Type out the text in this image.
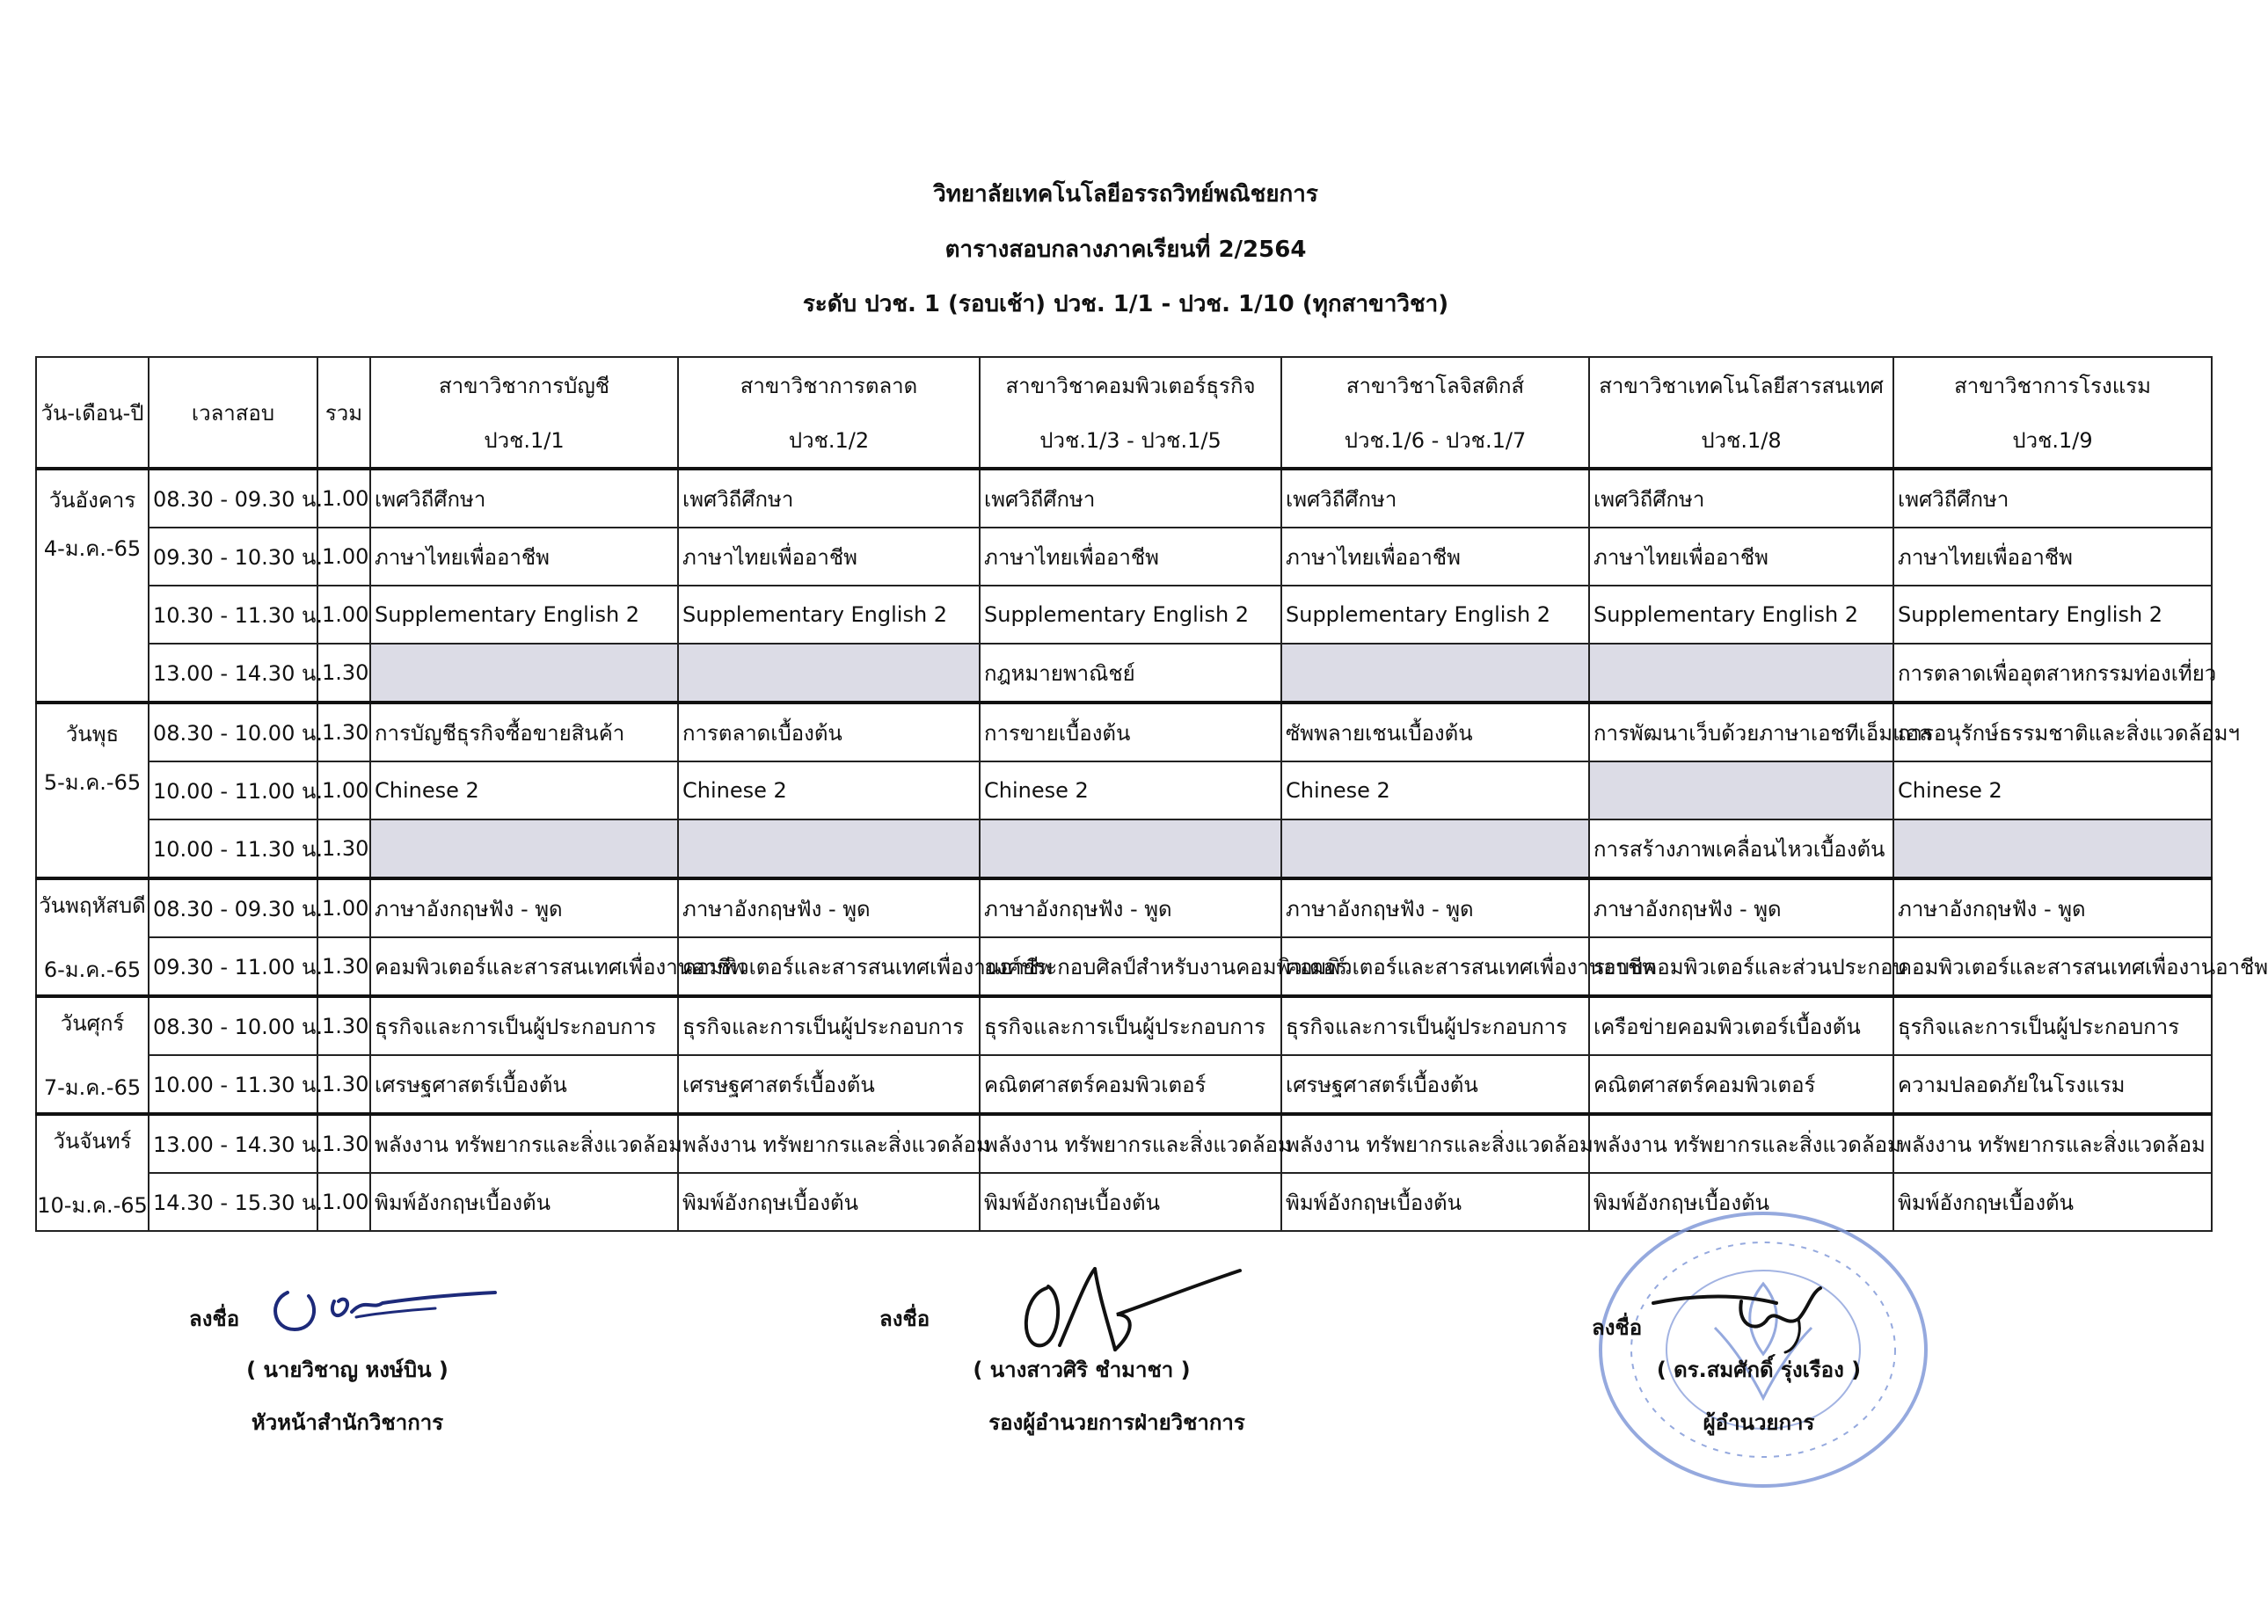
วิทยาลัยเทคโนโลยีอรรถวิทย์พณิชยการ
ตารางสอบกลางภาคเรียนที่ 2/2564
ระดับ ปวช. 1 (รอบเช้า) ปวช. 1/1 - ปวช. 1/10 (ทุกสาขาวิชา)
วัน-เดือน-ปี	เวลาสอบ	รวม	สาขาวิชาการบัญชี	สาขาวิชาการตลาด	สาขาวิชาคอมพิวเตอร์ธุรกิจ	สาขาวิชาโลจิสติกส์	สาขาวิชาเทคโนโลยีสารสนเทศ	สาขาวิชาการโรงแรม
			ปวช.1/1	ปวช.1/2	ปวช.1/3 - ปวช.1/5	ปวช.1/6 - ปวช.1/7	ปวช.1/8	ปวช.1/9

วันอังคาร
4-ม.ค.-65	08.30 - 09.30 น.	1.00	เพศวิถีศึกษา	เพศวิถีศึกษา	เพศวิถีศึกษา	เพศวิถีศึกษา	เพศวิถีศึกษา	เพศวิถีศึกษา
	09.30 - 10.30 น.	1.00	ภาษาไทยเพื่ออาชีพ	ภาษาไทยเพื่ออาชีพ	ภาษาไทยเพื่ออาชีพ	ภาษาไทยเพื่ออาชีพ	ภาษาไทยเพื่ออาชีพ	ภาษาไทยเพื่ออาชีพ
	10.30 - 11.30 น.	1.00	Supplementary English 2	Supplementary English 2	Supplementary English 2	Supplementary English 2	Supplementary English 2	Supplementary English 2
	13.00 - 14.30 น.	1.30			กฎหมายพาณิชย์			การตลาดเพื่ออุตสาหกรรมท่องเที่ยว

วันพุธ
5-ม.ค.-65	08.30 - 10.00 น.	1.30	การบัญชีธุรกิจซื้อขายสินค้า	การตลาดเบื้องต้น	การขายเบื้องต้น	ซัพพลายเชนเบื้องต้น	การพัฒนาเว็บด้วยภาษาเอชทีเอ็มแอล	การอนุรักษ์ธรรมชาติและสิ่งแวดล้อมฯ
	10.00 - 11.00 น.	1.00	Chinese 2	Chinese 2	Chinese 2	Chinese 2		Chinese 2
	10.00 - 11.30 น.	1.30					การสร้างภาพเคลื่อนไหวเบื้องต้น	

วันพฤหัสบดี
6-ม.ค.-65	08.30 - 09.30 น.	1.00	ภาษาอังกฤษฟัง - พูด	ภาษาอังกฤษฟัง - พูด	ภาษาอังกฤษฟัง - พูด	ภาษาอังกฤษฟัง - พูด	ภาษาอังกฤษฟัง - พูด	ภาษาอังกฤษฟัง - พูด
	09.30 - 11.00 น.	1.30	คอมพิวเตอร์และสารสนเทศเพื่องานอาชีพ	คอมพิวเตอร์และสารสนเทศเพื่องานอาชีพ	องค์ประกอบศิลป์สำหรับงานคอมพิวเตอร์	คอมพิวเตอร์และสารสนเทศเพื่องานอาชีพ	ระบบคอมพิวเตอร์และส่วนประกอบ	คอมพิวเตอร์และสารสนเทศเพื่องานอาชีพ

วันศุกร์
7-ม.ค.-65	08.30 - 10.00 น.	1.30	ธุรกิจและการเป็นผู้ประกอบการ	ธุรกิจและการเป็นผู้ประกอบการ	ธุรกิจและการเป็นผู้ประกอบการ	ธุรกิจและการเป็นผู้ประกอบการ	เครือข่ายคอมพิวเตอร์เบื้องต้น	ธุรกิจและการเป็นผู้ประกอบการ
	10.00 - 11.30 น.	1.30	เศรษฐศาสตร์เบื้องต้น	เศรษฐศาสตร์เบื้องต้น	คณิตศาสตร์คอมพิวเตอร์	เศรษฐศาสตร์เบื้องต้น	คณิตศาสตร์คอมพิวเตอร์	ความปลอดภัยในโรงแรม

วันจันทร์
10-ม.ค.-65	13.00 - 14.30 น.	1.30	พลังงาน ทรัพยากรและสิ่งแวดล้อม	พลังงาน ทรัพยากรและสิ่งแวดล้อม	พลังงาน ทรัพยากรและสิ่งแวดล้อม	พลังงาน ทรัพยากรและสิ่งแวดล้อม	พลังงาน ทรัพยากรและสิ่งแวดล้อม	พลังงาน ทรัพยากรและสิ่งแวดล้อม
	14.30 - 15.30 น.	1.00	พิมพ์อังกฤษเบื้องต้น	พิมพ์อังกฤษเบื้องต้น	พิมพ์อังกฤษเบื้องต้น	พิมพ์อังกฤษเบื้องต้น	พิมพ์อังกฤษเบื้องต้น	พิมพ์อังกฤษเบื้องต้น
ลงชื่อ
( นายวิชาญ หงษ์บิน )
หัวหน้าสำนักวิชาการ
ลงชื่อ
( นางสาวศิริ ชำมาชา )
รองผู้อำนวยการฝ่ายวิชาการ
ลงชื่อ
( ดร.สมศักดิ์ รุ่งเรือง )
ผู้อำนวยการ
